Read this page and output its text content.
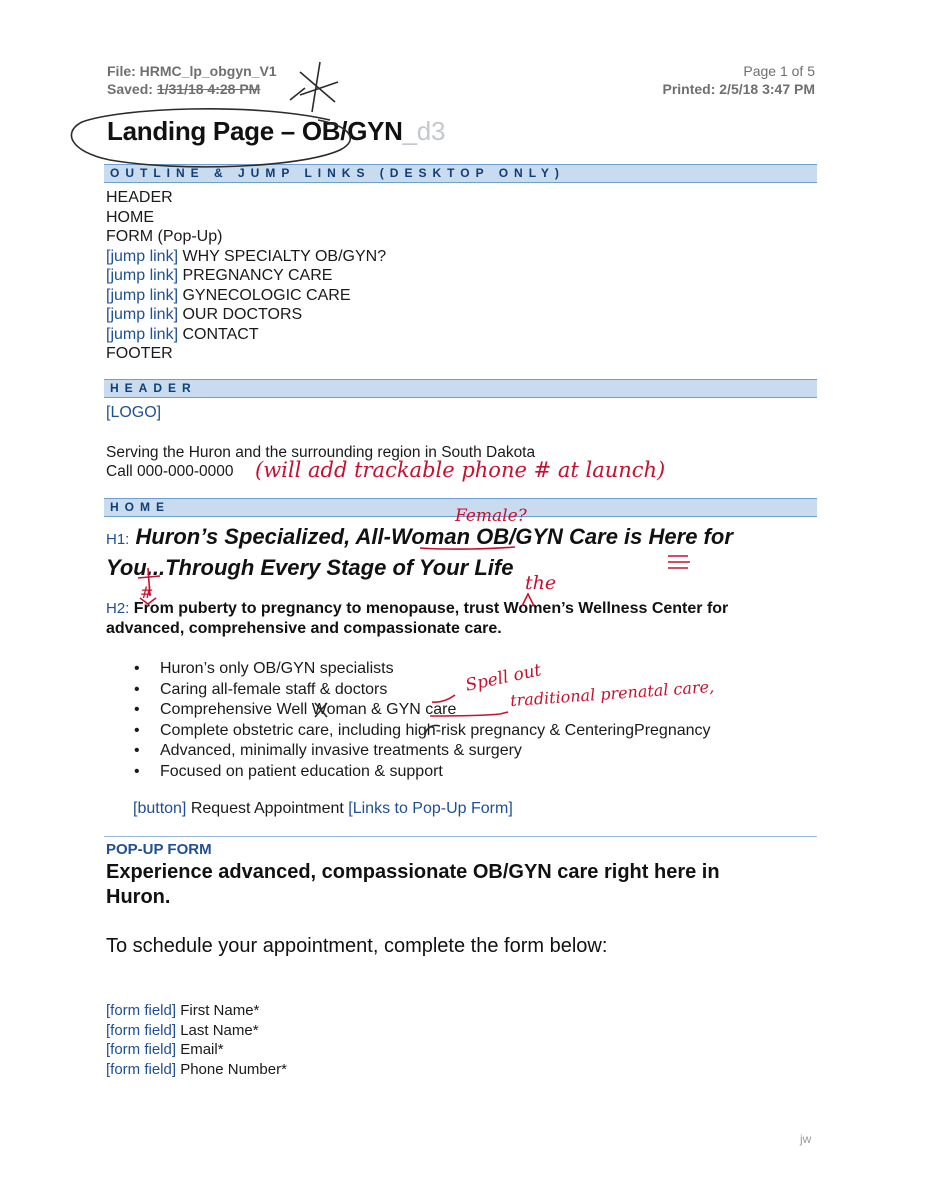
File: HRMC_lp_obgyn_V1
Saved: 1/31/18 4:28 PM
Page 1 of 5
Printed: 2/5/18 3:47 PM
Landing Page – OB/GYN_d3
OUTLINE & JUMP LINKS (DESKTOP ONLY)
HEADER
HOME
FORM (Pop-Up)
[jump link] WHY SPECIALTY OB/GYN?
[jump link] PREGNANCY CARE
[jump link] GYNECOLOGIC CARE
[jump link] OUR DOCTORS
[jump link] CONTACT
FOOTER
HEADER
[LOGO]
Serving the Huron and the surrounding region in South Dakota
Call 000-000-0000	(will add trackable phone # at launch)
HOME	Female?
H1: Huron’s Specialized, All-Woman OB/GYN Care is Here for
You...Through Every Stage of Your Life
the
#
H2: From puberty to pregnancy to menopause, trust Women’s Wellness Center for
advanced, comprehensive and compassionate care.
Spell out
traditional prenatal care,
• Huron’s only OB/GYN specialists
• Caring all-female staff & doctors
• Comprehensive Well Woman & GYN care
• Complete obstetric care, including high-risk pregnancy & CenteringPregnancy
• Advanced, minimally invasive treatments & surgery
• Focused on patient education & support
[button] Request Appointment [Links to Pop-Up Form]
POP-UP FORM
Experience advanced, compassionate OB/GYN care right here in
Huron.
To schedule your appointment, complete the form below:
[form field] First Name*
[form field] Last Name*
[form field] Email*
[form field] Phone Number*
jw
